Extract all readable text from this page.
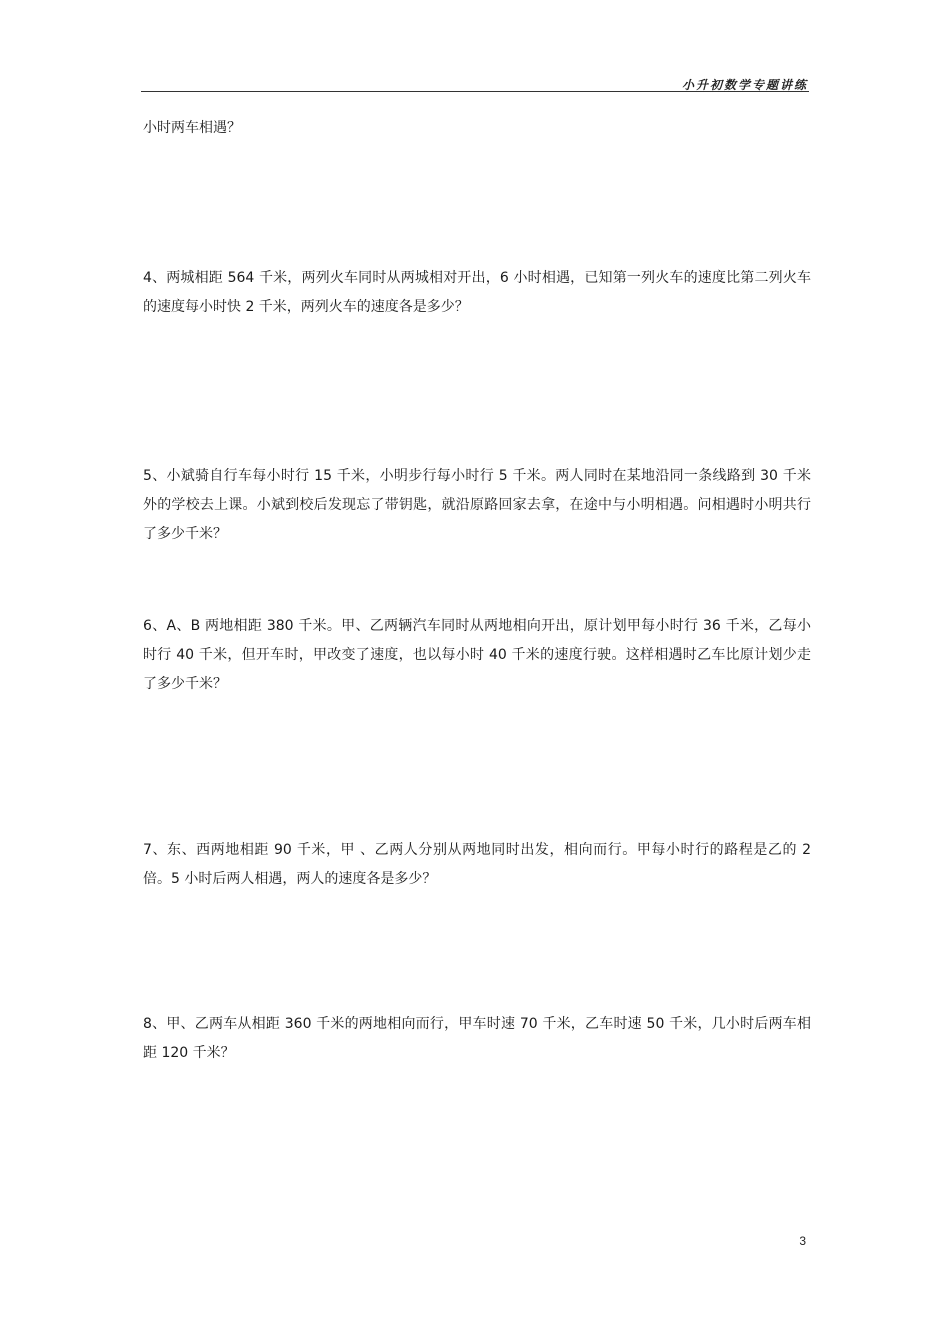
小升初数学专题讲练
小时两车相遇？
4、两城相距 564 千米，两列火车同时从两城相对开出，6 小时相遇，已知第一列火车的速度比第二列火车的速度每小时快 2 千米，两列火车的速度各是多少？
5、小斌骑自行车每小时行 15 千米，小明步行每小时行 5 千米。两人同时在某地沿同一条线路到 30 千米外的学校去上课。小斌到校后发现忘了带钥匙，就沿原路回家去拿，在途中与小明相遇。问相遇时小明共行了多少千米？
6、A、B 两地相距 380 千米。甲、乙两辆汽车同时从两地相向开出，原计划甲每小时行 36 千米，乙每小时行 40 千米，但开车时，甲改变了速度，也以每小时 40 千米的速度行驶。这样相遇时乙车比原计划少走了多少千米？
7、东、西两地相距 90 千米，甲 、乙两人分别从两地同时出发，相向而行。甲每小时行的路程是乙的 2 倍。5 小时后两人相遇，两人的速度各是多少？
8、甲、乙两车从相距 360 千米的两地相向而行，甲车时速 70 千米，乙车时速 50 千米，几小时后两车相距 120 千米？
3
